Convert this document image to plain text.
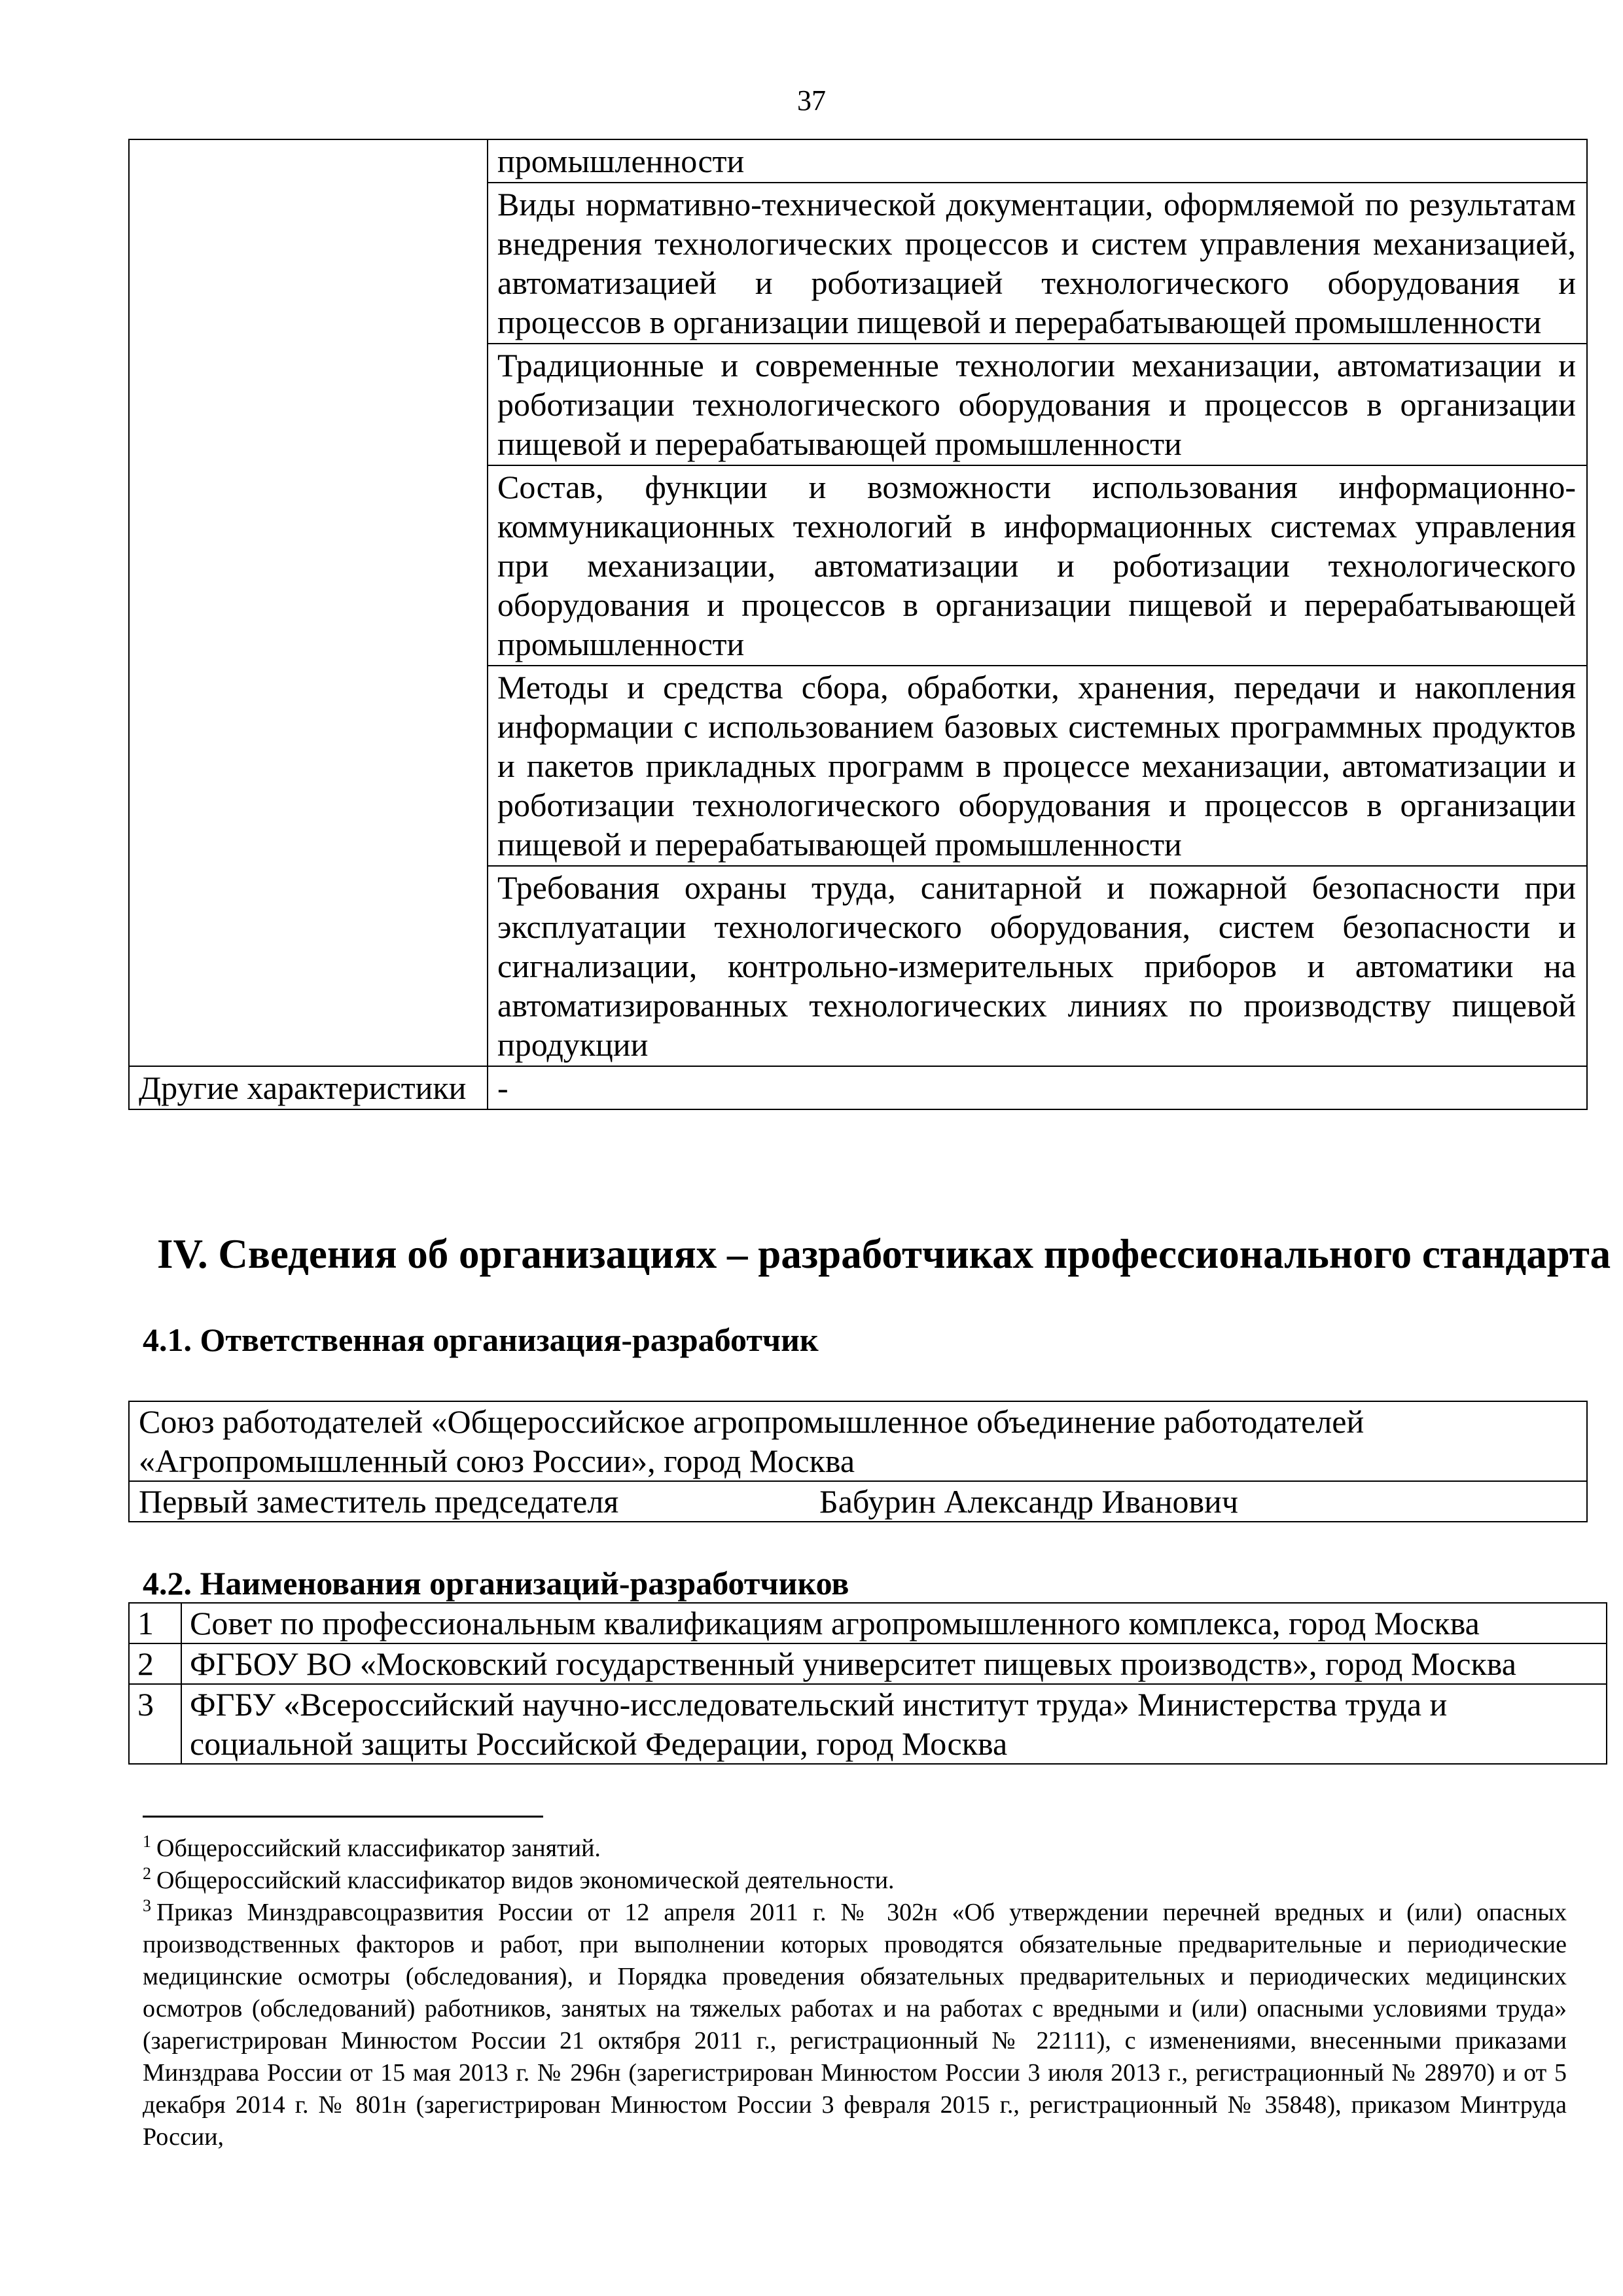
37
	промышленности
	Виды нормативно-технической документации, оформляемой по результатам внедрения технологических процессов и систем управления механизацией, автоматизацией и роботизацией технологического оборудования и процессов в организации пищевой и перерабатывающей промышленности
	Традиционные и современные технологии механизации, автоматизации и роботизации технологического оборудования и процессов в организации пищевой и перерабатывающей промышленности
	Состав, функции и возможности использования информационно-коммуникационных технологий в информационных системах управления при механизации, автоматизации и роботизации технологического оборудования и процессов в организации пищевой и перерабатывающей промышленности
	Методы и средства сбора, обработки, хранения, передачи и накопления информации с использованием базовых системных программных продуктов и пакетов прикладных программ в процессе механизации, автоматизации и роботизации технологического оборудования и процессов в организации пищевой и перерабатывающей промышленности
	Требования охраны труда, санитарной и пожарной безопасности при эксплуатации технологического оборудования, систем безопасности и сигнализации, контрольно-измерительных приборов и автоматики на автоматизированных технологических линиях по производству пищевой продукции
Другие характеристики	-
IV. Сведения об организациях – разработчиках профессионального стандарта
4.1. Ответственная организация-разработчик
Союз работодателей «Общероссийское агропромышленное объединение работодателей «Агропромышленный союз России», город Москва

Первый заместитель председателя	Бабурин Александр Иванович
4.2. Наименования организаций-разработчиков
1	Совет по профессиональным квалификациям агропромышленного комплекса, город Москва
2	ФГБОУ ВО «Московский государственный университет пищевых производств», город Москва
3	ФГБУ «Всероссийский научно-исследовательский институт труда» Министерства труда и социальной защиты Российской Федерации, город Москва

$^1$ Общероссийский классификатор занятий.

$^2$ Общероссийский классификатор видов экономической деятельности.

$^3$ Приказ Минздравсоцразвития России от 12 апреля 2011 г. № 302н «Об утверждении перечней вредных и (или) опасных производственных факторов и работ, при выполнении которых проводятся обязательные предварительные и периодические медицинские осмотры (обследования), и Порядка проведения обязательных предварительных и периодических медицинских осмотров (обследований) работников, занятых на тяжелых работах и на работах с вредными и (или) опасными условиями труда» (зарегистрирован Минюстом России 21 октября 2011 г., регистрационный № 22111), с изменениями, внесенными приказами Минздрава России от 15 мая 2013 г. № 296н (зарегистрирован Минюстом России 3 июля 2013 г., регистрационный № 28970) и от 5 декабря 2014 г. № 801н (зарегистрирован Минюстом России 3 февраля 2015 г., регистрационный № 35848), приказом Минтруда России,
